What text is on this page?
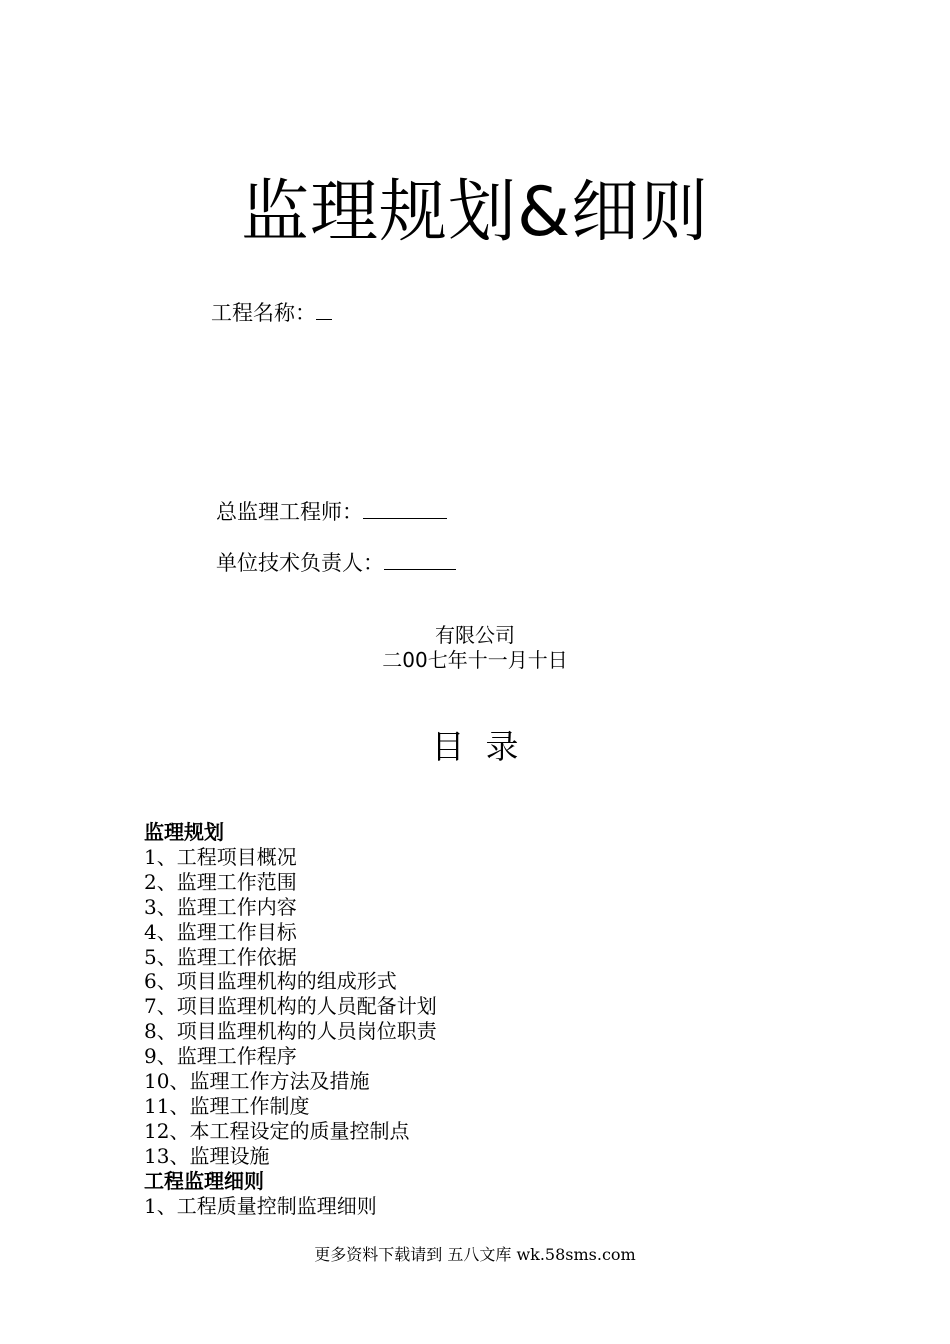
监理规划&细则
工程名称：
总监理工程师：
单位技术负责人：
有限公司
二00七年十一月十日
目  录
监理规划
1、工程项目概况
2、监理工作范围
3、监理工作内容
4、监理工作目标
5、监理工作依据
6、项目监理机构的组成形式
7、项目监理机构的人员配备计划
8、项目监理机构的人员岗位职责
9、监理工作程序
10、监理工作方法及措施
11、监理工作制度
12、本工程设定的质量控制点
13、监理设施
工程监理细则
1、工程质量控制监理细则
更多资料下载请到 五八文库 wk.58sms.com
